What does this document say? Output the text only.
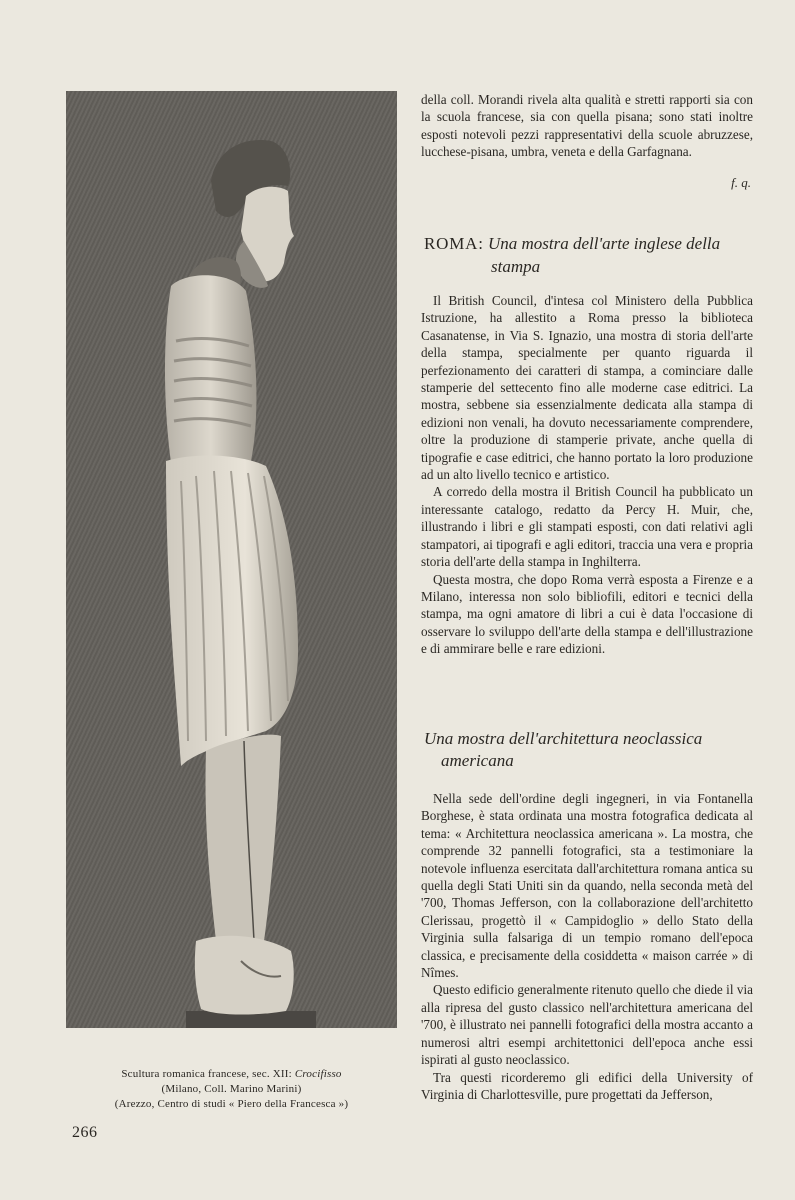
Scultura romanica francese, sec. XII: Crocifisso
(Milano, Coll. Marino Marini)
(Arezzo, Centro di studi « Piero della Francesca »)
266

della coll. Morandi rivela alta qualità e stretti rapporti sia con la scuola francese, sia con quella pisana; sono stati inoltre esposti notevoli pezzi rappresentativi della scuole abruzzese, lucchese-pisana, umbra, veneta e della Garfagnana.

f. q.
ROMA: Una mostra dell'arte inglese della
stampa

Il British Council, d'intesa col Ministero della Pubblica Istruzione, ha allestito a Roma presso la biblioteca Casanatense, in Via S. Ignazio, una mostra di storia dell'arte della stampa, specialmente per quanto riguarda il perfezionamento dei caratteri di stampa, a cominciare dalle stamperie del settecento fino alle moderne case editrici. La mostra, sebbene sia essenzialmente dedicata alla stampa di edizioni non venali, ha dovuto necessariamente comprendere, oltre la produzione di stamperie private, anche quella di tipografie e case editrici, che hanno portato la loro produzione ad un alto livello tecnico e artistico.

A corredo della mostra il British Council ha pubblicato un interessante catalogo, redatto da Percy H. Muir, che, illustrando i libri e gli stampati esposti, con dati relativi agli stampatori, ai tipografi e agli editori, traccia una vera e propria storia dell'arte della stampa in Inghilterra.

Questa mostra, che dopo Roma verrà esposta a Firenze e a Milano, interessa non solo bibliofili, editori e tecnici della stampa, ma ogni amatore di libri a cui è data l'occasione di osservare lo sviluppo dell'arte della stampa e dell'illustrazione e di ammirare belle e rare edizioni.

Una mostra dell'architettura neoclassica
americana

Nella sede dell'ordine degli ingegneri, in via Fontanella Borghese, è stata ordinata una mostra fotografica dedicata al tema: « Architettura neoclassica americana ». La mostra, che comprende 32 pannelli fotografici, sta a testimoniare la notevole influenza esercitata dall'architettura romana antica su quella degli Stati Uniti sin da quando, nella seconda metà del '700, Thomas Jefferson, con la collaborazione dell'architetto Clerissau, progettò il « Campidoglio » dello Stato della Virginia sulla falsariga di un tempio romano dell'epoca classica, e precisamente della cosiddetta « maison carrée » di Nîmes.

Questo edificio generalmente ritenuto quello che diede il via alla ripresa del gusto classico nell'architettura americana del '700, è illustrato nei pannelli fotografici della mostra accanto a numerosi altri esempi architettonici dell'epoca anche essi ispirati al gusto neoclassico.

Tra questi ricorderemo gli edifici della University of Virginia di Charlottesville, pure progettati da Jefferson,
